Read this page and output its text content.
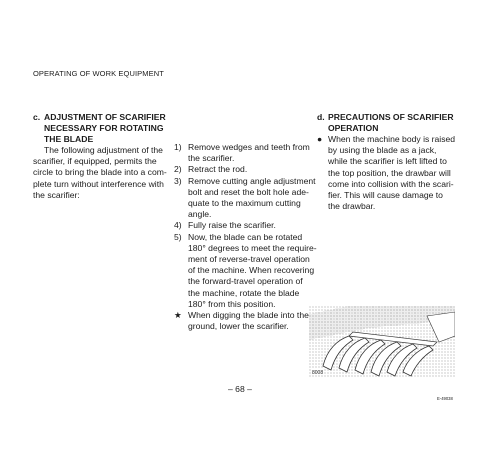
OPERATING OF WORK EQUIPMENT
c. ADJUSTMENT OF SCARIFIER
NECESSARY FOR ROTATING
THE BLADE
The following adjustment of the
scarifier, if equipped, permits the
circle to bring the blade into a com-
plete turn without interference with
the scarifier:
1) Remove wedges and teeth from
the scarifier.
2) Retract the rod.
3) Remove cutting angle adjustment
bolt and reset the bolt hole ade-
quate to the maximum cutting
angle.
4) Fully raise the scarifier.
5) Now, the blade can be rotated
180° degrees to meet the require-
ment of reverse-travel operation
of the machine. When recovering
the forward-travel operation of
the machine, rotate the blade
180° from this position.
★ When digging the blade into the
ground, lower the scarifier.
d. PRECAUTIONS OF SCARIFIER
OPERATION
● When the machine body is raised
by using the blade as a jack,
while the scarifier is left lifted to
the top position, the drawbar will
come into collision with the scari-
fier. This will cause damage to
the drawbar.
8008
E-49038
– 68 –
